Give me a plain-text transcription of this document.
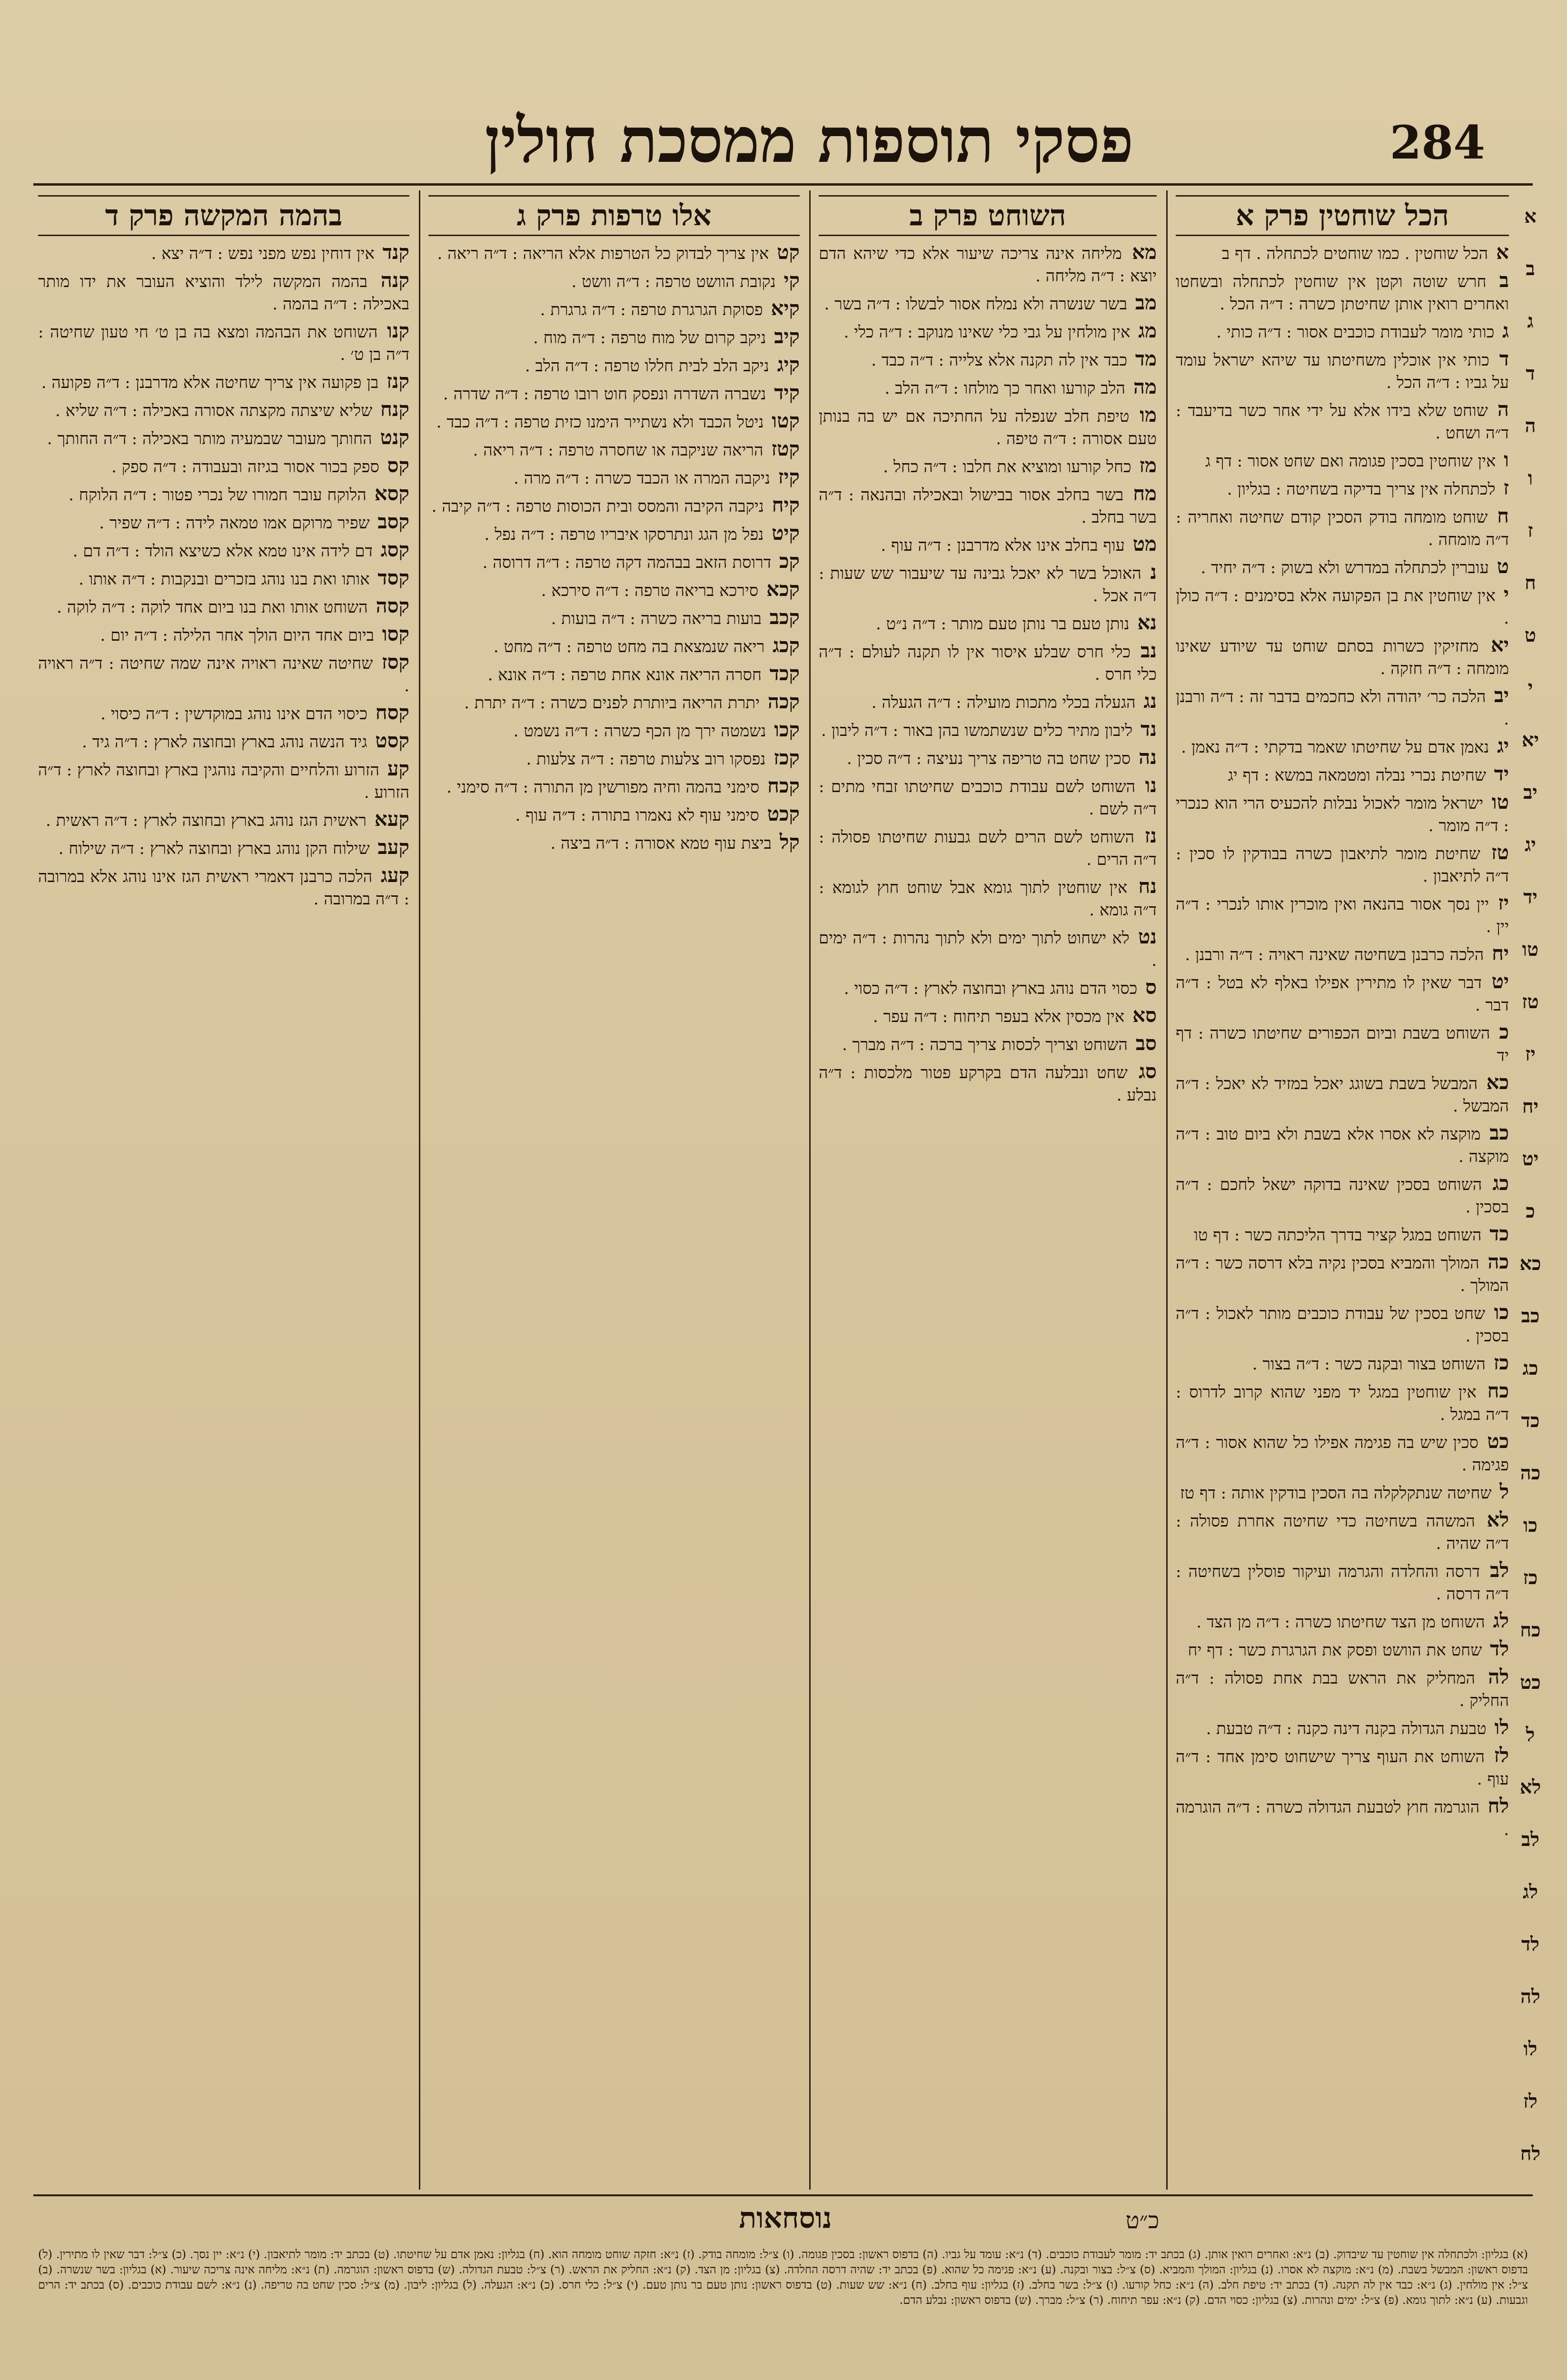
284
פסקי תוספות ממסכת חולין
א
ב
ג
ד
ה
ו
ז
ח
ט
י
יא
יב
יג
יד
טו
טז
יז
יח
יט
כ
כא
כב
כג
כד
כה
כו
כז
כח
כט
ל
לא
לב
לג
לד
לה
לו
לז
לח
הכל שוחטין פרק א

א הכל שוחטין . כמו שוחטים לכתחלה . דף ב

ב חרש שוטה וקטן אין שוחטין לכתחלה ובשחטו ואחרים רואין אותן שחיטתן כשרה : ד״ה הכל .

ג כותי מומר לעבודת כוכבים אסור : ד״ה כותי .

ד כותי אין אוכלין משחיטתו עד שיהא ישראל עומד על גביו : ד״ה הכל .

ה שוחט שלא בידו אלא על ידי אחר כשר בדיעבד : ד״ה ושחט .

ו אין שוחטין בסכין פגומה ואם שחט אסור : דף ג

ז לכתחלה אין צריך בדיקה בשחיטה : בגליון .

ח שוחט מומחה בודק הסכין קודם שחיטה ואחריה : ד״ה מומחה .

ט עוברין לכתחלה במדרש ולא בשוק : ד״ה יחיד .

י אין שוחטין את בן הפקועה אלא בסימנים : ד״ה כולן .

יא מחזיקין כשרות בסתם שוחט עד שיודע שאינו מומחה : ד״ה חזקה .

יב הלכה כר׳ יהודה ולא כחכמים בדבר זה : ד״ה ורבנן .

יג נאמן אדם על שחיטתו שאמר בדקתי : ד״ה נאמן .

יד שחיטת נכרי נבלה ומטמאה במשא : דף יג

טו ישראל מומר לאכול נבלות להכעיס הרי הוא כנכרי : ד״ה מומר .

טז שחיטת מומר לתיאבון כשרה בבודקין לו סכין : ד״ה לתיאבון .

יז יין נסך אסור בהנאה ואין מוכרין אותו לנכרי : ד״ה יין .

יח הלכה כרבנן בשחיטה שאינה ראויה : ד״ה ורבנן .

יט דבר שאין לו מתירין אפילו באלף לא בטל : ד״ה דבר .

כ השוחט בשבת וביום הכפורים שחיטתו כשרה : דף יד

כא המבשל בשבת בשוגג יאכל במזיד לא יאכל : ד״ה המבשל .

כב מוקצה לא אסרו אלא בשבת ולא ביום טוב : ד״ה מוקצה .

כג השוחט בסכין שאינה בדוקה ישאל לחכם : ד״ה בסכין .

כד השוחט במגל קציר בדרך הליכתה כשר : דף טו

כה המולך והמביא בסכין נקיה בלא דרסה כשר : ד״ה המולך .

כו שחט בסכין של עבודת כוכבים מותר לאכול : ד״ה בסכין .

כז השוחט בצור ובקנה כשר : ד״ה בצור .

כח אין שוחטין במגל יד מפני שהוא קרוב לדרוס : ד״ה במגל .

כט סכין שיש בה פגימה אפילו כל שהוא אסור : ד״ה פגימה .

ל שחיטה שנתקלקלה בה הסכין בודקין אותה : דף טז

לא המשהה בשחיטה כדי שחיטה אחרת פסולה : ד״ה שהיה .

לב דרסה והחלדה והגרמה ועיקור פוסלין בשחיטה : ד״ה דרסה .

לג השוחט מן הצד שחיטתו כשרה : ד״ה מן הצד .

לד שחט את הוושט ופסק את הגרגרת כשר : דף יח

לה המחליק את הראש בבת אחת פסולה : ד״ה החליק .

לו טבעת הגדולה בקנה דינה כקנה : ד״ה טבעת .

לז השוחט את העוף צריך שישחוט סימן אחד : ד״ה עוף .

לח הוגרמה חוץ לטבעת הגדולה כשרה : ד״ה הוגרמה .

השוחט פרק ב

מא מליחה אינה צריכה שיעור אלא כדי שיהא הדם יוצא : ד״ה מליחה .

מב בשר שנשרה ולא נמלח אסור לבשלו : ד״ה בשר .

מג אין מולחין על גבי כלי שאינו מנוקב : ד״ה כלי .

מד כבד אין לה תקנה אלא צלייה : ד״ה כבד .

מה הלב קורעו ואחר כך מולחו : ד״ה הלב .

מו טיפת חלב שנפלה על החתיכה אם יש בה בנותן טעם אסורה : ד״ה טיפה .

מז כחל קורעו ומוציא את חלבו : ד״ה כחל .

מח בשר בחלב אסור בבישול ובאכילה ובהנאה : ד״ה בשר בחלב .

מט עוף בחלב אינו אלא מדרבנן : ד״ה עוף .

נ האוכל בשר לא יאכל גבינה עד שיעבור שש שעות : ד״ה אכל .

נא נותן טעם בר נותן טעם מותר : ד״ה נ״ט .

נב כלי חרס שבלע איסור אין לו תקנה לעולם : ד״ה כלי חרס .

נג הגעלה בכלי מתכות מועילה : ד״ה הגעלה .

נד ליבון מתיר כלים שנשתמשו בהן באור : ד״ה ליבון .

נה סכין שחט בה טריפה צריך נעיצה : ד״ה סכין .

נו השוחט לשם עבודת כוכבים שחיטתו זבחי מתים : ד״ה לשם .

נז השוחט לשם הרים לשם גבעות שחיטתו פסולה : ד״ה הרים .

נח אין שוחטין לתוך גומא אבל שוחט חוץ לגומא : ד״ה גומא .

נט לא ישחוט לתוך ימים ולא לתוך נהרות : ד״ה ימים .

ס כסוי הדם נוהג בארץ ובחוצה לארץ : ד״ה כסוי .

סא אין מכסין אלא בעפר תיחוח : ד״ה עפר .

סב השוחט וצריך לכסות צריך ברכה : ד״ה מברך .

סג שחט ונבלעה הדם בקרקע פטור מלכסות : ד״ה נבלע .

אלו טרפות פרק ג

קט אין צריך לבדוק כל הטרפות אלא הריאה : ד״ה ריאה .

קי נקובת הוושט טרפה : ד״ה וושט .

קיא פסוקת הגרגרת טרפה : ד״ה גרגרת .

קיב ניקב קרום של מוח טרפה : ד״ה מוח .

קיג ניקב הלב לבית חללו טרפה : ד״ה הלב .

קיד נשברה השדרה ונפסק חוט רובו טרפה : ד״ה שדרה .

קטו ניטל הכבד ולא נשתייר הימנו כזית טרפה : ד״ה כבד .

קטז הריאה שניקבה או שחסרה טרפה : ד״ה ריאה .

קיז ניקבה המרה או הכבד כשרה : ד״ה מרה .

קיח ניקבה הקיבה והמסס ובית הכוסות טרפה : ד״ה קיבה .

קיט נפל מן הגג ונתרסקו איבריו טרפה : ד״ה נפל .

קכ דרוסת הזאב בבהמה דקה טרפה : ד״ה דרוסה .

קכא סירכא בריאה טרפה : ד״ה סירכא .

קכב בועות בריאה כשרה : ד״ה בועות .

קכג ריאה שנמצאת בה מחט טרפה : ד״ה מחט .

קכד חסרה הריאה אונא אחת טרפה : ד״ה אונא .

קכה יתרת הריאה ביותרת לפנים כשרה : ד״ה יתרת .

קכו נשמטה ירך מן הכף כשרה : ד״ה נשמט .

קכז נפסקו רוב צלעות טרפה : ד״ה צלעות .

קכח סימני בהמה וחיה מפורשין מן התורה : ד״ה סימני .

קכט סימני עוף לא נאמרו בתורה : ד״ה עוף .

קל ביצת עוף טמא אסורה : ד״ה ביצה .

בהמה המקשה פרק ד

קנד אין דוחין נפש מפני נפש : ד״ה יצא .

קנה בהמה המקשה לילד והוציא העובר את ידו מותר באכילה : ד״ה בהמה .

קנו השוחט את הבהמה ומצא בה בן ט׳ חי טעון שחיטה : ד״ה בן ט׳ .

קנז בן פקועה אין צריך שחיטה אלא מדרבנן : ד״ה פקועה .

קנח שליא שיצתה מקצתה אסורה באכילה : ד״ה שליא .

קנט החותך מעובר שבמעיה מותר באכילה : ד״ה החותך .

קס ספק בכור אסור בגיזה ובעבודה : ד״ה ספק .

קסא הלוקח עובר חמורו של נכרי פטור : ד״ה הלוקח .

קסב שפיר מרוקם אמו טמאה לידה : ד״ה שפיר .

קסג דם לידה אינו טמא אלא כשיצא הולד : ד״ה דם .

קסד אותו ואת בנו נוהג בזכרים ובנקבות : ד״ה אותו .

קסה השוחט אותו ואת בנו ביום אחד לוקה : ד״ה לוקה .

קסו ביום אחד היום הולך אחר הלילה : ד״ה יום .

קסז שחיטה שאינה ראויה אינה שמה שחיטה : ד״ה ראויה .

קסח כיסוי הדם אינו נוהג במוקדשין : ד״ה כיסוי .

קסט גיד הנשה נוהג בארץ ובחוצה לארץ : ד״ה גיד .

קע הזרוע והלחיים והקיבה נוהגין בארץ ובחוצה לארץ : ד״ה הזרוע .

קעא ראשית הגז נוהג בארץ ובחוצה לארץ : ד״ה ראשית .

קעב שילוח הקן נוהג בארץ ובחוצה לארץ : ד״ה שילוח .

קעג הלכה כרבנן דאמרי ראשית הגז אינו נוהג אלא במרובה : ד״ה במרובה .

נוסחאות	כ״ט
(א) בגליון: ולכתחלה אין שוחטין עד שיבדוק. (ב) נ״א: ואחרים רואין אותן. (ג) בכתב יד: מומר לעבודת כוכבים. (ד) נ״א: עומד על גביו. (ה) בדפוס ראשון: בסכין פגומה. (ו) צ״ל: מומחה בודק. (ז) נ״א: חזקה שוחט מומחה הוא. (ח) בגליון: נאמן אדם על שחיטתו. (ט) בכתב יד: מומר לתיאבון. (י) נ״א: יין נסך. (כ) צ״ל: דבר שאין לו מתירין. (ל) בדפוס ראשון: המבשל בשבת. (מ) נ״א: מוקצה לא אסרו. (נ) בגליון: המולך והמביא. (ס) צ״ל: בצור ובקנה. (ע) נ״א: פגימה כל שהוא. (פ) בכתב יד: שהיה דרסה החלדה. (צ) בגליון: מן הצד. (ק) נ״א: החליק את הראש. (ר) צ״ל: טבעת הגדולה. (ש) בדפוס ראשון: הוגרמה. (ת) נ״א: מליחה אינה צריכה שיעור. (א) בגליון: בשר שנשרה. (ב) צ״ל: אין מולחין. (ג) נ״א: כבד אין לה תקנה. (ד) בכתב יד: טיפת חלב. (ה) נ״א: כחל קורעו. (ו) צ״ל: בשר בחלב. (ז) בגליון: עוף בחלב. (ח) נ״א: שש שעות. (ט) בדפוס ראשון: נותן טעם בר נותן טעם. (י) צ״ל: כלי חרס. (כ) נ״א: הגעלה. (ל) בגליון: ליבון. (מ) צ״ל: סכין שחט בה טריפה. (נ) נ״א: לשם עבודת כוכבים. (ס) בכתב יד: הרים וגבעות. (ע) נ״א: לתוך גומא. (פ) צ״ל: ימים ונהרות. (צ) בגליון: כסוי הדם. (ק) נ״א: עפר תיחוח. (ר) צ״ל: מברך. (ש) בדפוס ראשון: נבלע הדם.
